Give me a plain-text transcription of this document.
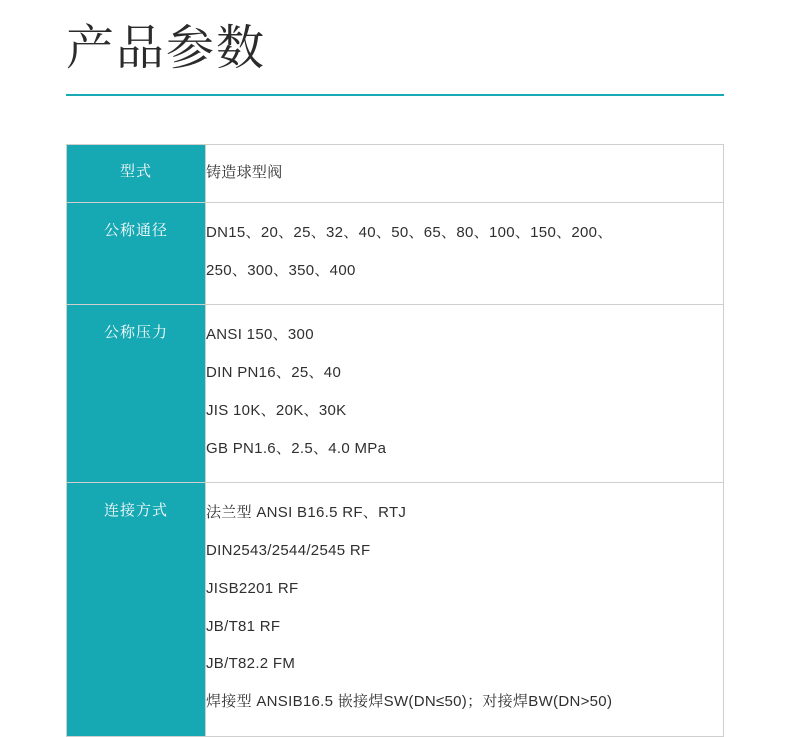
产品参数
型式	铸造球型阀

公称通径	DN15、20、25、32、40、50、65、80、100、150、200、
250、300、350、400

公称压力	ANSI 150、300
DIN PN16、25、40
JIS 10K、20K、30K
GB PN1.6、2.5、4.0 MPa

连接方式	法兰型 ANSI B16.5 RF、RTJ
DIN2543/2544/2545 RF
JISB2201 RF
JB/T81 RF
JB/T82.2 FM
焊接型 ANSIB16.5 嵌接焊SW(DN≤50)；对接焊BW(DN>50)
